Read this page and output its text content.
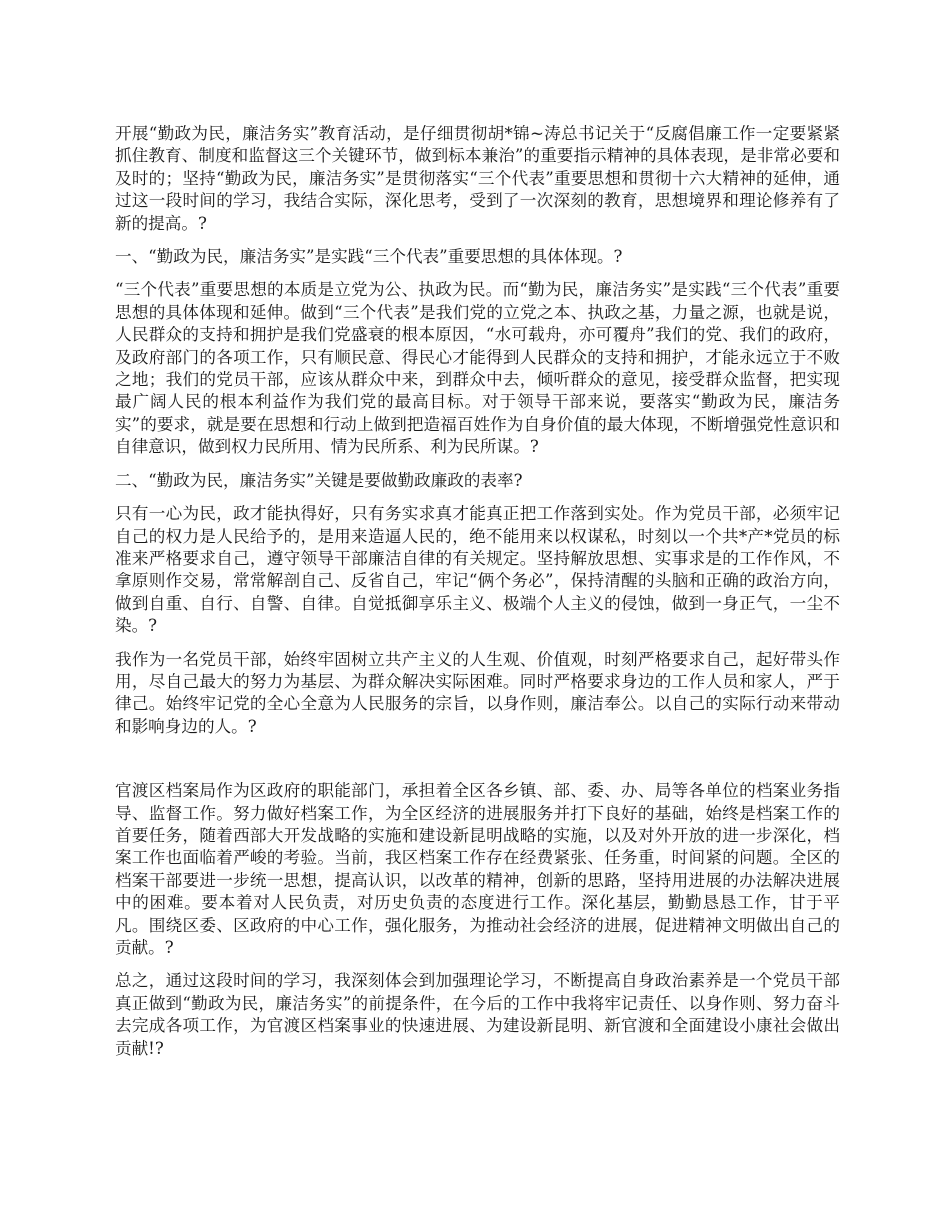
开展“勤政为民，廉洁务实”教育活动，是仔细贯彻胡*锦~涛总书记关于“反腐倡廉工作一定要紧紧抓住教育、制度和监督这三个关键环节，做到标本兼治”的重要指示精神的具体表现，是非常必要和及时的；坚持“勤政为民，廉洁务实”是贯彻落实“三个代表”重要思想和贯彻十六大精神的延伸，通过这一段时间的学习，我结合实际，深化思考，受到了一次深刻的教育，思想境界和理论修养有了新的提高。?

一、“勤政为民，廉洁务实”是实践“三个代表”重要思想的具体体现。?

“三个代表”重要思想的本质是立党为公、执政为民。而“勤为民，廉洁务实”是实践“三个代表”重要思想的具体体现和延伸。做到“三个代表”是我们党的立党之本、执政之基，力量之源，也就是说，人民群众的支持和拥护是我们党盛衰的根本原因，“水可载舟，亦可覆舟”我们的党、我们的政府，及政府部门的各项工作，只有顺民意、得民心才能得到人民群众的支持和拥护，才能永远立于不败之地；我们的党员干部，应该从群众中来，到群众中去，倾听群众的意见，接受群众监督，把实现最广阔人民的根本利益作为我们党的最高目标。对于领导干部来说，要落实“勤政为民，廉洁务实”的要求，就是要在思想和行动上做到把造福百姓作为自身价值的最大体现，不断增强党性意识和自律意识，做到权力民所用、情为民所系、利为民所谋。?

二、“勤政为民，廉洁务实”关键是要做勤政廉政的表率?

只有一心为民，政才能执得好，只有务实求真才能真正把工作落到实处。作为党员干部，必须牢记自己的权力是人民给予的，是用来造逼人民的，绝不能用来以权谋私，时刻以一个共*产*党员的标准来严格要求自己，遵守领导干部廉洁自律的有关规定。坚持解放思想、实事求是的工作作风，不拿原则作交易，常常解剖自己、反省自己，牢记“俩个务必”，保持清醒的头脑和正确的政治方向，做到自重、自行、自警、自律。自觉抵御享乐主义、极端个人主义的侵蚀，做到一身正气，一尘不染。?

我作为一名党员干部，始终牢固树立共产主义的人生观、价值观，时刻严格要求自己，起好带头作用，尽自己最大的努力为基层、为群众解决实际困难。同时严格要求身边的工作人员和家人，严于律己。始终牢记党的全心全意为人民服务的宗旨，以身作则，廉洁奉公。以自己的实际行动来带动和影响身边的人。?

官渡区档案局作为区政府的职能部门，承担着全区各乡镇、部、委、办、局等各单位的档案业务指导、监督工作。努力做好档案工作，为全区经济的进展服务并打下良好的基础，始终是档案工作的首要任务，随着西部大开发战略的实施和建设新昆明战略的实施，以及对外开放的进一步深化，档案工作也面临着严峻的考验。当前，我区档案工作存在经费紧张、任务重，时间紧的问题。全区的档案干部要进一步统一思想，提高认识，以改革的精神，创新的思路，坚持用进展的办法解决进展中的困难。要本着对人民负责，对历史负责的态度进行工作。深化基层，勤勤恳恳工作，甘于平凡。围绕区委、区政府的中心工作，强化服务，为推动社会经济的进展，促进精神文明做出自己的贡献。?

总之，通过这段时间的学习，我深刻体会到加强理论学习，不断提高自身政治素养是一个党员干部真正做到“勤政为民，廉洁务实”的前提条件，在今后的工作中我将牢记责任、以身作则、努力奋斗去完成各项工作，为官渡区档案事业的快速进展、为建设新昆明、新官渡和全面建设小康社会做出贡献!?
